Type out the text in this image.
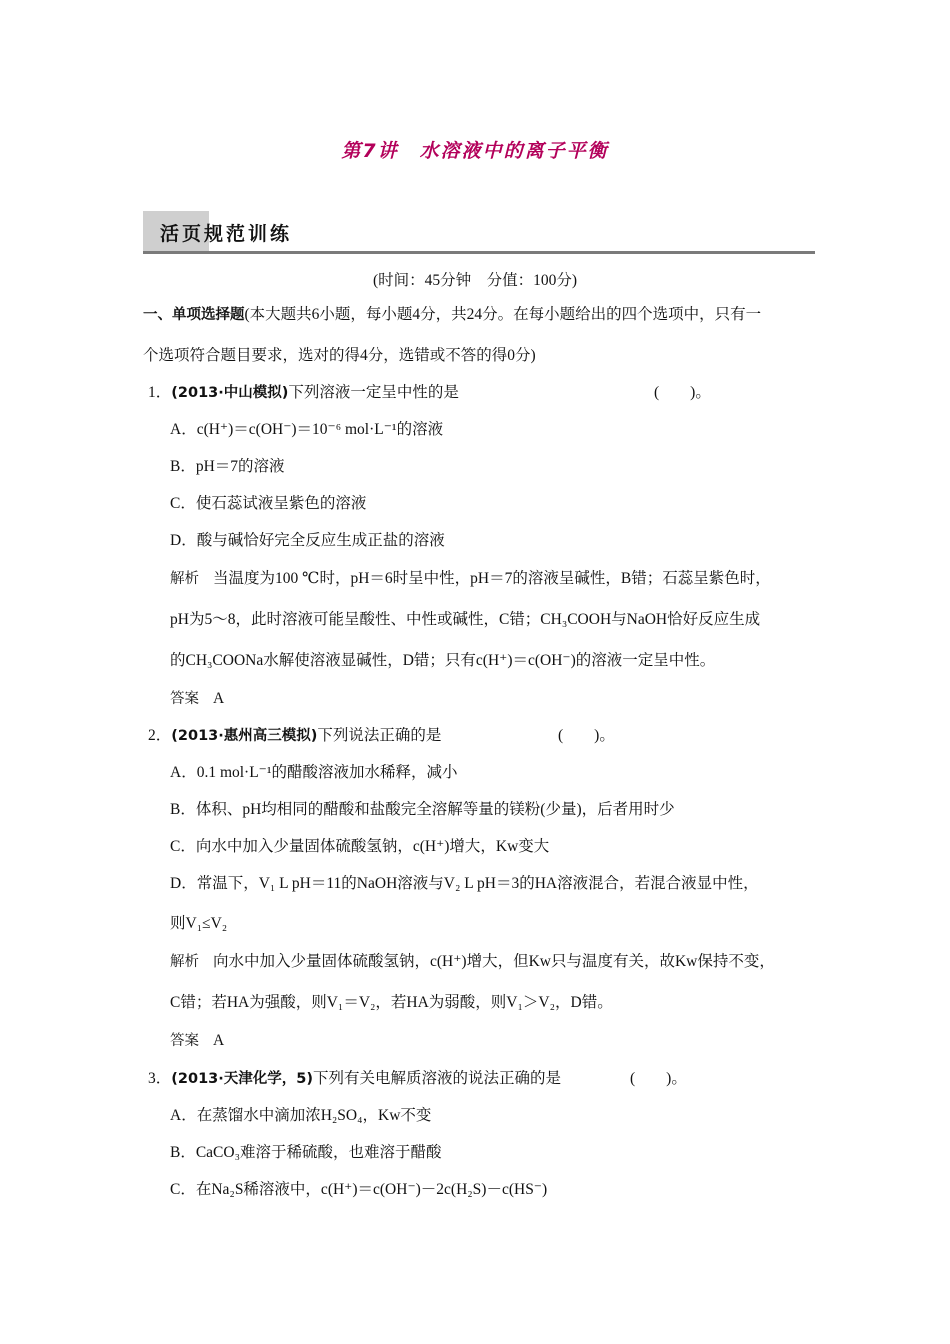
第7讲　水溶液中的离子平衡
活页规范训练
(时间：45分钟　分值：100分)
一、单项选择题(本大题共6小题，每小题4分，共24分。在每小题给出的四个选项中，只有一
个选项符合题目要求，选对的得4分，选错或不答的得0分)
1．(2013·中山模拟)下列溶液一定呈中性的是	(　　)。
A．c(H⁺)＝c(OH⁻)＝10⁻⁶ mol·L⁻¹的溶液
B．pH＝7的溶液
C．使石蕊试液呈紫色的溶液
D．酸与碱恰好完全反应生成正盐的溶液
解析 当温度为100 ℃时，pH＝6时呈中性，pH＝7的溶液呈碱性，B错；石蕊呈紫色时，
pH为5～8，此时溶液可能呈酸性、中性或碱性，C错；CH₃COOH与NaOH恰好反应生成
的CH₃COONa水解使溶液显碱性，D错；只有c(H⁺)＝c(OH⁻)的溶液一定呈中性。
答案 A
2．(2013·惠州高三模拟)下列说法正确的是	(　　)。
A．0.1 mol·L⁻¹的醋酸溶液加水稀释，减小
B．体积、pH均相同的醋酸和盐酸完全溶解等量的镁粉(少量)，后者用时少
C．向水中加入少量固体硫酸氢钠，c(H⁺)增大，Kw变大
D．常温下，V₁ L pH＝11的NaOH溶液与V₂ L pH＝3的HA溶液混合，若混合液显中性，
则V₁≤V₂
解析 向水中加入少量固体硫酸氢钠，c(H⁺)增大，但Kw只与温度有关，故Kw保持不变，
C错；若HA为强酸，则V₁＝V₂，若HA为弱酸，则V₁＞V₂，D错。
答案 A
3．(2013·天津化学，5)下列有关电解质溶液的说法正确的是	(　　)。
A．在蒸馏水中滴加浓H₂SO₄，Kw不变
B．CaCO₃难溶于稀硫酸，也难溶于醋酸
C．在Na₂S稀溶液中，c(H⁺)＝c(OH⁻)－2c(H₂S)－c(HS⁻)
